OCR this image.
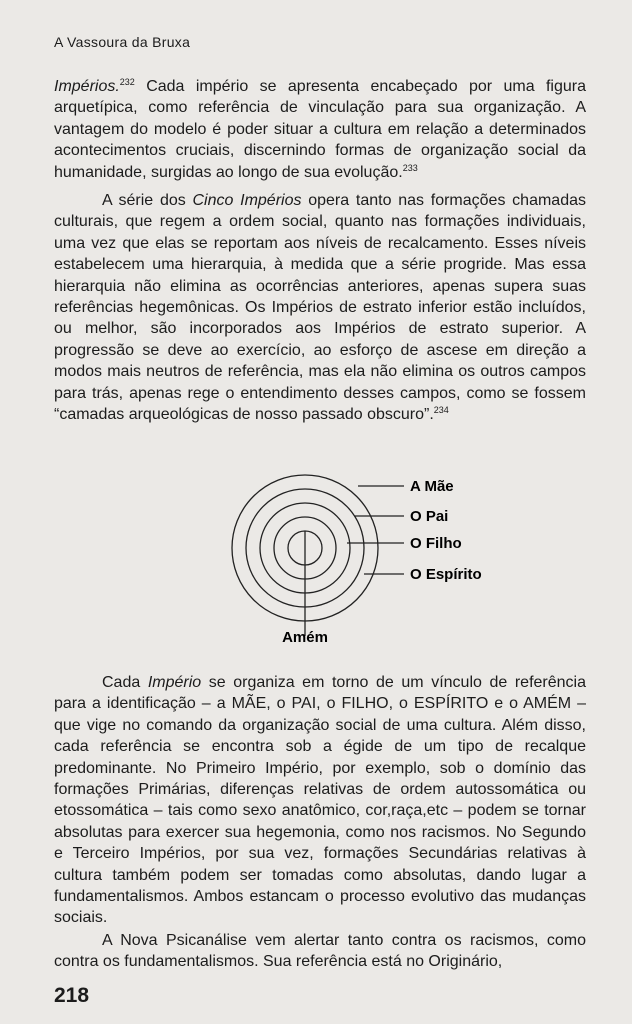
A Vassoura da Bruxa

Impérios.$^{232}$ Cada império se apresenta encabeçado por uma figura arquetípica, como referência de vinculação para sua organização. A vantagem do modelo é poder situar a cultura em relação a determinados acontecimentos cruciais, discernindo formas de organização social da humanidade, surgidas ao longo de sua evolução.$^{233}$

A série dos Cinco Impérios opera tanto nas formações chamadas culturais, que regem a ordem social, quanto nas formações individuais, uma vez que elas se reportam aos níveis de recalcamento. Esses níveis estabelecem uma hierarquia, à medida que a série progride. Mas essa hierarquia não elimina as ocorrências anteriores, apenas supera suas referências hegemônicas. Os Impérios de estrato inferior estão incluídos, ou melhor, são incorporados aos Impérios de estrato superior. A progressão se deve ao exercício, ao esforço de ascese em direção a modos mais neutros de referência, mas ela não elimina os outros campos para trás, apenas rege o entendimento desses campos, como se fossem “camadas arqueológicas de nosso passado obscuro”.$^{234}$

A Mãe
O Pai
O Filho
O Espírito
Amém

Cada Império se organiza em torno de um vínculo de referência para a identificação – a MÃE, o PAI, o FILHO, o ESPÍRITO e o AMÉM – que vige no comando da organização social de uma cultura. Além disso, cada referência se encontra sob a égide de um tipo de recalque predominante. No Primeiro Império, por exemplo, sob o domínio das formações Primárias, diferenças relativas de ordem autossomática ou etossomática – tais como sexo anatômico, cor,raça,etc – podem se tornar absolutas para exercer sua hegemonia, como nos racismos. No Segundo e Terceiro Impérios, por sua vez, formações Secundárias relativas à cultura também podem ser tomadas como absolutas, dando lugar a fundamentalismos. Ambos estancam o processo evolutivo das mudanças sociais.

A Nova Psicanálise vem alertar tanto contra os racismos, como contra os fundamentalismos. Sua referência está no Originário,

218
